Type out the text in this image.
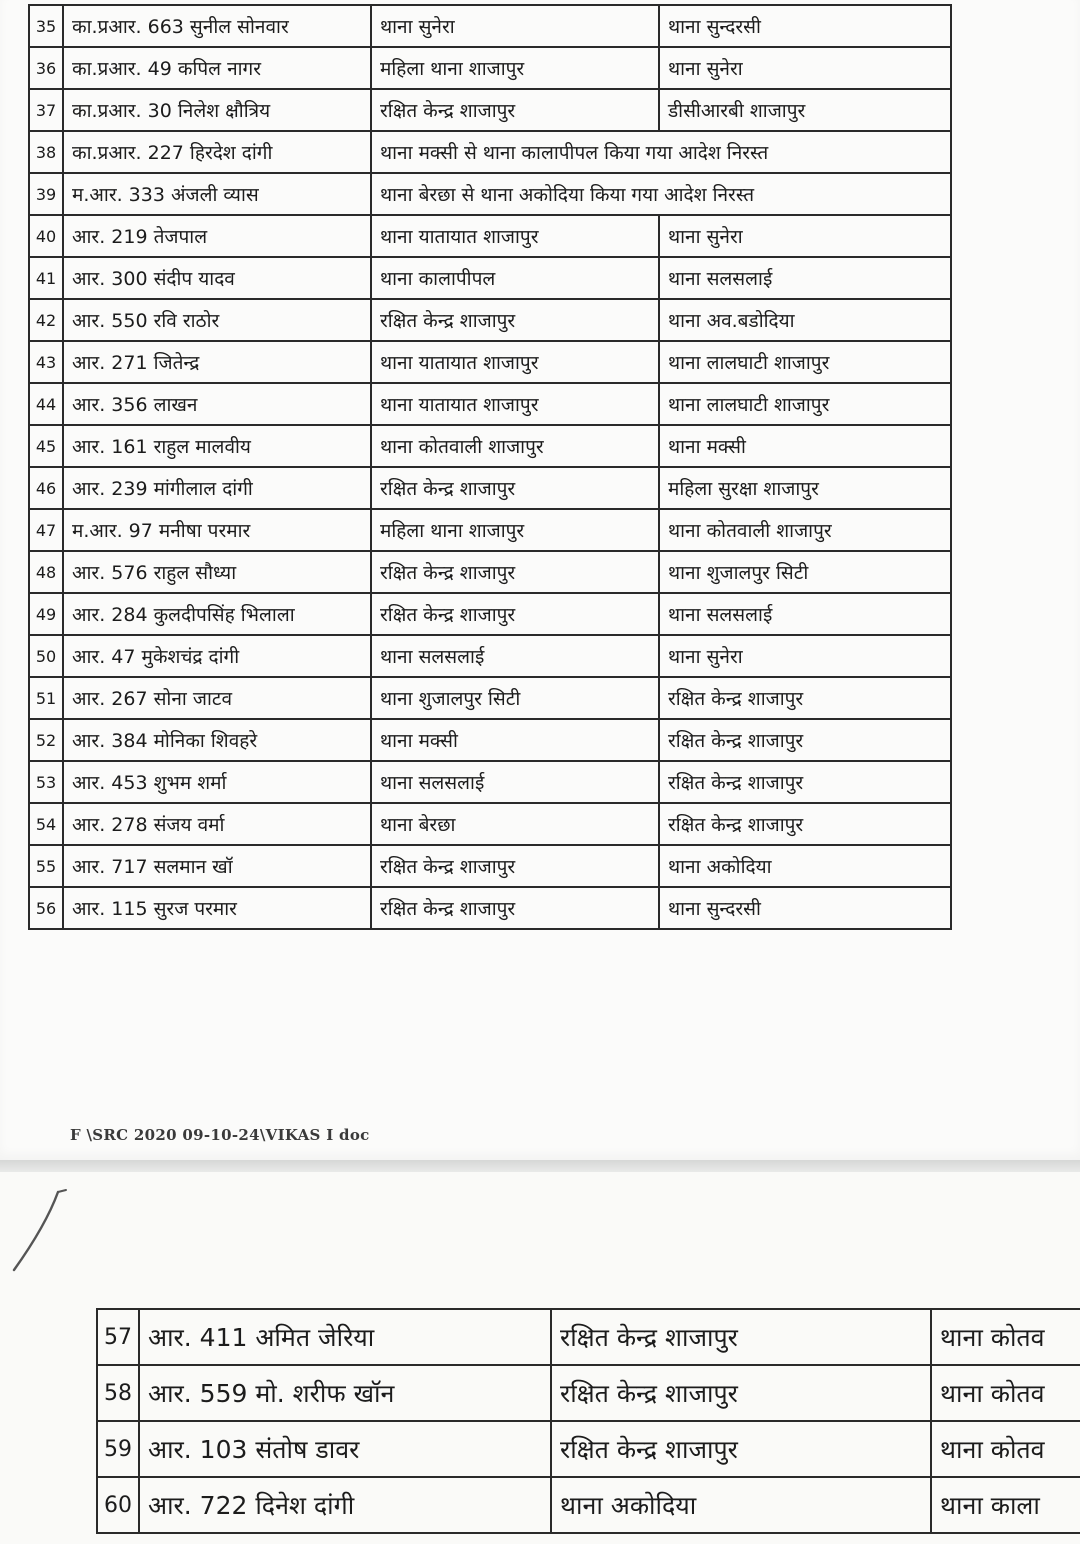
35	का.प्रआर. 663 सुनील सोनवार	थाना सुनेरा	थाना सुन्दरसी
36	का.प्रआर. 49 कपिल नागर	महिला थाना शाजापुर	थाना सुनेरा
37	का.प्रआर. 30 निलेश क्षौत्रिय	रक्षित केन्द्र शाजापुर	डीसीआरबी शाजापुर
38	का.प्रआर. 227 हिरदेश दांगी	थाना मक्सी से थाना कालापीपल किया गया आदेश निरस्त	
39	म.आर. 333 अंजली व्यास	थाना बेरछा से थाना अकोदिया किया गया आदेश निरस्त	
40	आर. 219 तेजपाल	थाना यातायात शाजापुर	थाना सुनेरा
41	आर. 300 संदीप यादव	थाना कालापीपल	थाना सलसलाई
42	आर. 550 रवि राठोर	रक्षित केन्द्र शाजापुर	थाना अव.बडोदिया
43	आर. 271 जितेन्द्र	थाना यातायात शाजापुर	थाना लालघाटी शाजापुर
44	आर. 356 लाखन	थाना यातायात शाजापुर	थाना लालघाटी शाजापुर
45	आर. 161 राहुल मालवीय	थाना कोतवाली शाजापुर	थाना मक्सी
46	आर. 239 मांगीलाल दांगी	रक्षित केन्द्र शाजापुर	महिला सुरक्षा शाजापुर
47	म.आर. 97 मनीषा परमार	महिला थाना शाजापुर	थाना कोतवाली शाजापुर
48	आर. 576 राहुल सौध्या	रक्षित केन्द्र शाजापुर	थाना शुजालपुर सिटी
49	आर. 284 कुलदीपसिंह भिलाला	रक्षित केन्द्र शाजापुर	थाना सलसलाई
50	आर. 47 मुकेशचंद्र दांगी	थाना सलसलाई	थाना सुनेरा
51	आर. 267 सोना जाटव	थाना शुजालपुर सिटी	रक्षित केन्द्र शाजापुर
52	आर. 384 मोनिका शिवहरे	थाना मक्सी	रक्षित केन्द्र शाजापुर
53	आर. 453 शुभम शर्मा	थाना सलसलाई	रक्षित केन्द्र शाजापुर
54	आर. 278 संजय वर्मा	थाना बेरछा	रक्षित केन्द्र शाजापुर
55	आर. 717 सलमान खॉ	रक्षित केन्द्र शाजापुर	थाना अकोदिया
56	आर. 115 सुरज परमार	रक्षित केन्द्र शाजापुर	थाना सुन्दरसी
F \SRC 2020 09-10-24\VIKAS I doc
57	आर. 411 अमित जेरिया	रक्षित केन्द्र शाजापुर	थाना कोतव
58	आर. 559 मो. शरीफ खॉन	रक्षित केन्द्र शाजापुर	थाना कोतव
59	आर. 103 संतोष डावर	रक्षित केन्द्र शाजापुर	थाना कोतव
60	आर. 722 दिनेश दांगी	थाना अकोदिया	थाना काला
